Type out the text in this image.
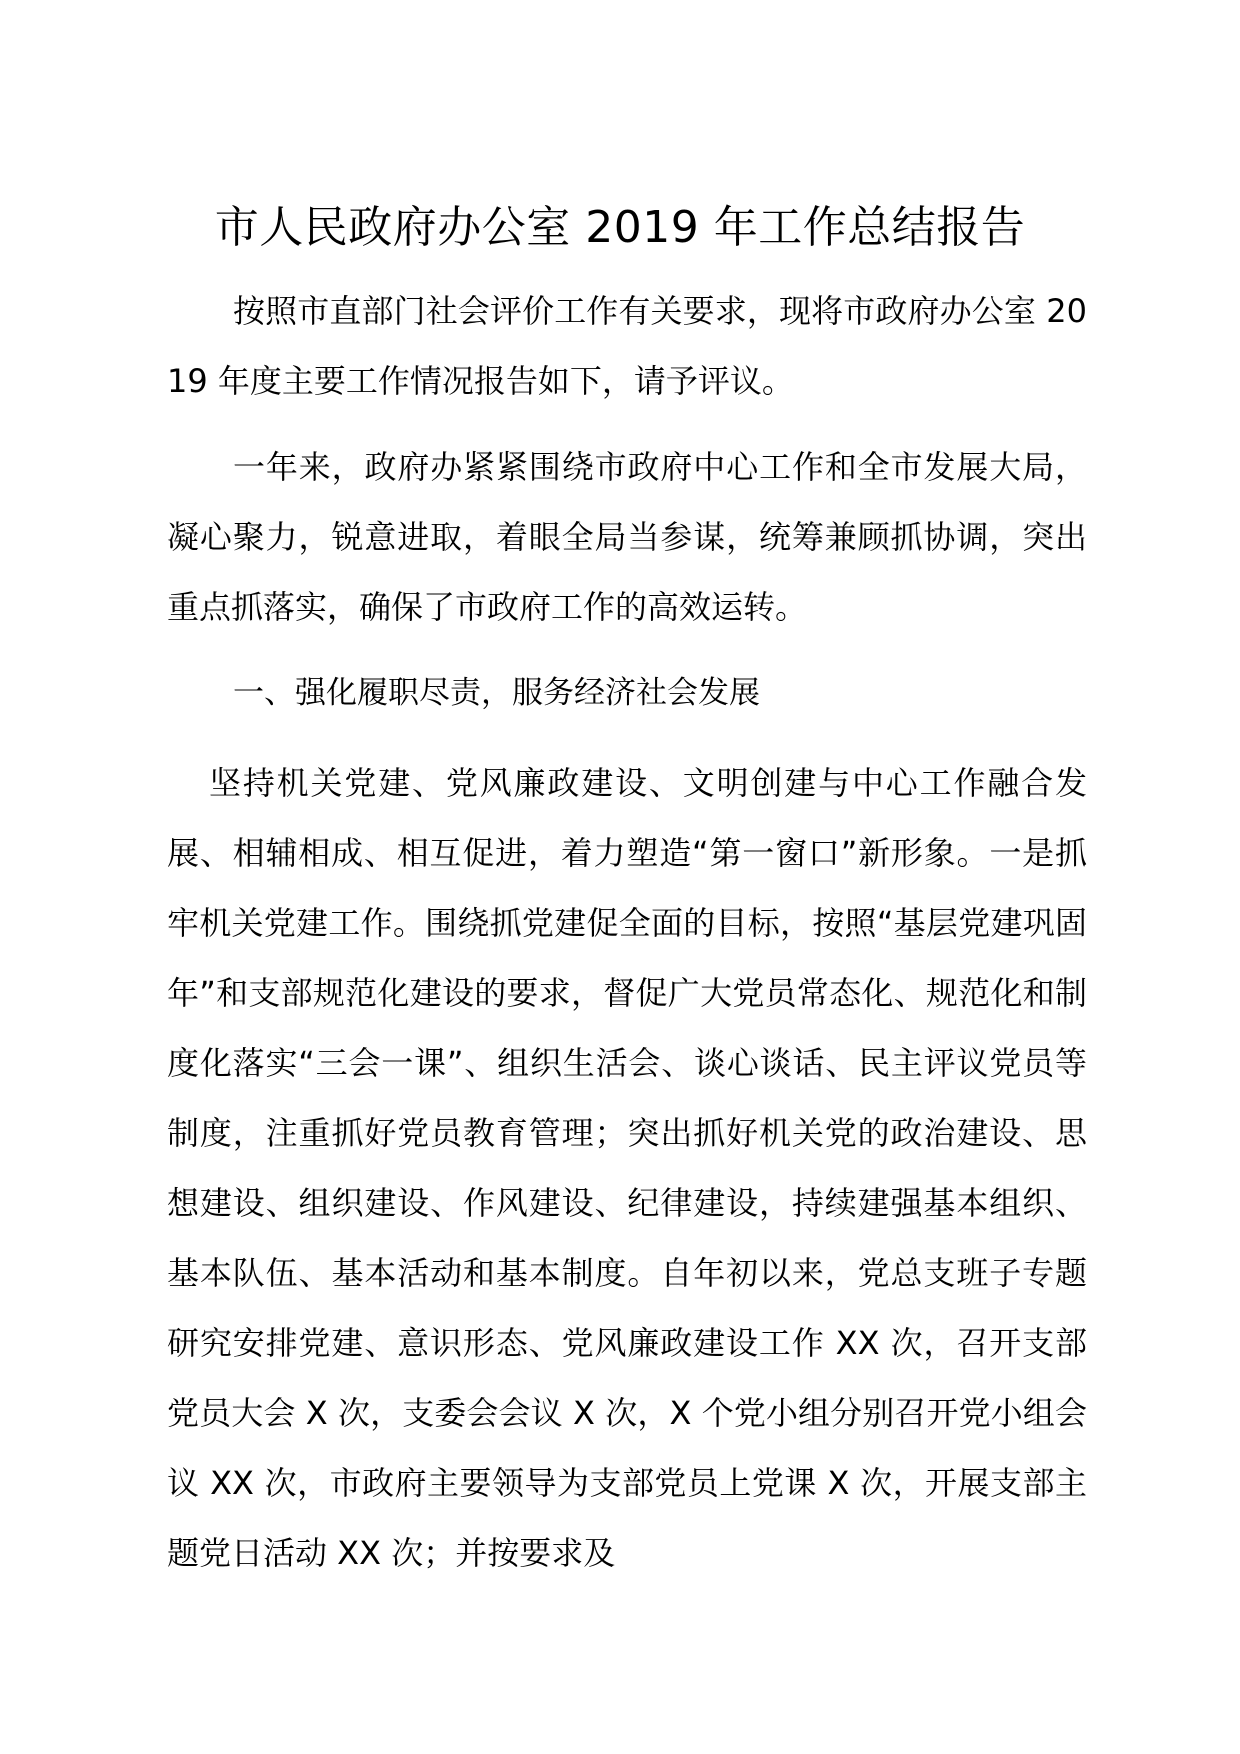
市人民政府办公室 2019 年工作总结报告

按照市直部门社会评价工作有关要求，现将市政府办公室 2019 年度主要工作情况报告如下，请予评议。

一年来，政府办紧紧围绕市政府中心工作和全市发展大局，凝心聚力，锐意进取，着眼全局当参谋，统筹兼顾抓协调，突出重点抓落实，确保了市政府工作的高效运转。

一、强化履职尽责，服务经济社会发展

坚持机关党建、党风廉政建设、文明创建与中心工作融合发展、相辅相成、相互促进，着力塑造“第一窗口”新形象。一是抓牢机关党建工作。围绕抓党建促全面的目标，按照“基层党建巩固年”和支部规范化建设的要求，督促广大党员常态化、规范化和制度化落实“三会一课”、组织生活会、谈心谈话、民主评议党员等制度，注重抓好党员教育管理；突出抓好机关党的政治建设、思想建设、组织建设、作风建设、纪律建设，持续建强基本组织、基本队伍、基本活动和基本制度。自年初以来，党总支班子专题研究安排党建、意识形态、党风廉政建设工作 XX 次，召开支部党员大会 X 次，支委会会议 X 次，X 个党小组分别召开党小组会议 XX 次，市政府主要领导为支部党员上党课 X 次，开展支部主题党日活动 XX 次；并按要求及
